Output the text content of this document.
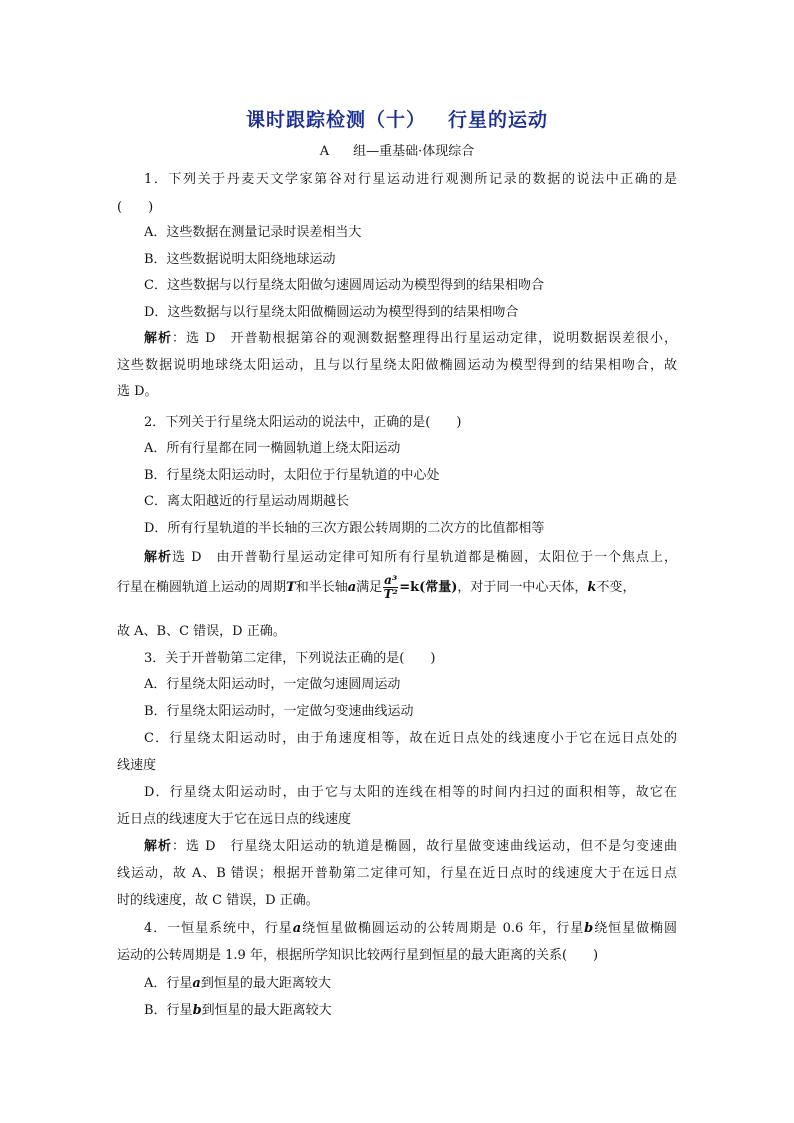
课时跟踪检测（十） 行星的运动
A 组—重基础·体现综合
1．下列关于丹麦天文学家第谷对行星运动进行观测所记录的数据的说法中正确的是
(　　)
A．这些数据在测量记录时误差相当大
B．这些数据说明太阳绕地球运动
C．这些数据与以行星绕太阳做匀速圆周运动为模型得到的结果相吻合
D．这些数据与以行星绕太阳做椭圆运动为模型得到的结果相吻合
解析：选 D　开普勒根据第谷的观测数据整理得出行星运动定律，说明数据误差很小，
这些数据说明地球绕太阳运动，且与以行星绕太阳做椭圆运动为模型得到的结果相吻合，故
选 D。
2．下列关于行星绕太阳运动的说法中，正确的是(　　)
A．所有行星都在同一椭圆轨道上绕太阳运动
B．行星绕太阳运动时，太阳位于行星轨道的中心处
C．离太阳越近的行星运动周期越长
D．所有行星轨道的半长轴的三次方跟公转周期的二次方的比值都相等
解析选 D　由开普勒行星运动定律可知所有行星轨道都是椭圆，太阳位于一个焦点上，
行星在椭圆轨道上运动的周期T和半长轴a满足 $\frac{\text{a³}}{\text{T²}} =k$(常量)，对于同一中心天体，k不变，
故 A、B、C 错误，D 正确。
3．关于开普勒第二定律，下列说法正确的是(　　)
A．行星绕太阳运动时，一定做匀速圆周运动
B．行星绕太阳运动时，一定做匀变速曲线运动
C．行星绕太阳运动时，由于角速度相等，故在近日点处的线速度小于它在远日点处的
线速度
D．行星绕太阳运动时，由于它与太阳的连线在相等的时间内扫过的面积相等，故它在
近日点的线速度大于它在远日点的线速度
解析：选 D　行星绕太阳运动的轨道是椭圆，故行星做变速曲线运动，但不是匀变速曲
线运动，故 A、B 错误；根据开普勒第二定律可知，行星在近日点时的线速度大于在远日点
时的线速度，故 C 错误，D 正确。
4．一恒星系统中，行星a绕恒星做椭圆运动的公转周期是 0.6 年，行星b绕恒星做椭圆
运动的公转周期是 1.9 年，根据所学知识比较两行星到恒星的最大距离的关系(　　)
A．行星a到恒星的最大距离较大
B．行星b到恒星的最大距离较大
